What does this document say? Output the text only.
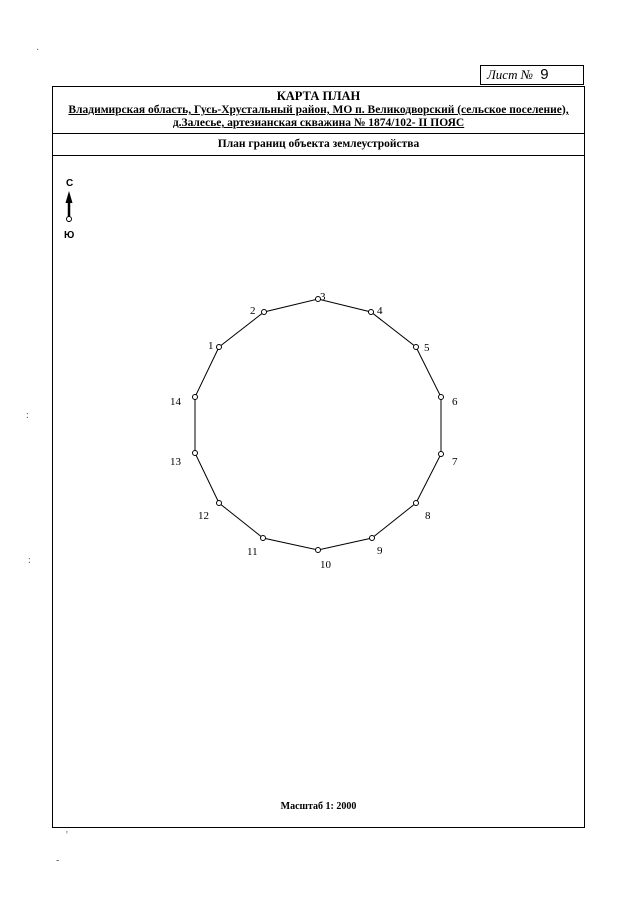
Лист № 9
КАРТА ПЛАН
Владимирская область, Гусь-Хрустальный район, МО п. Великодворский (сельское поселение), д.Залесье, артезианская скважина № 1874/102- II ПОЯС
План границ объекта землеустройства
Масштаб 1: 2000
С
Ю
1
2
3
4
5
6
7
8
9
10
11
12
13
14
·
:
:
'
-
